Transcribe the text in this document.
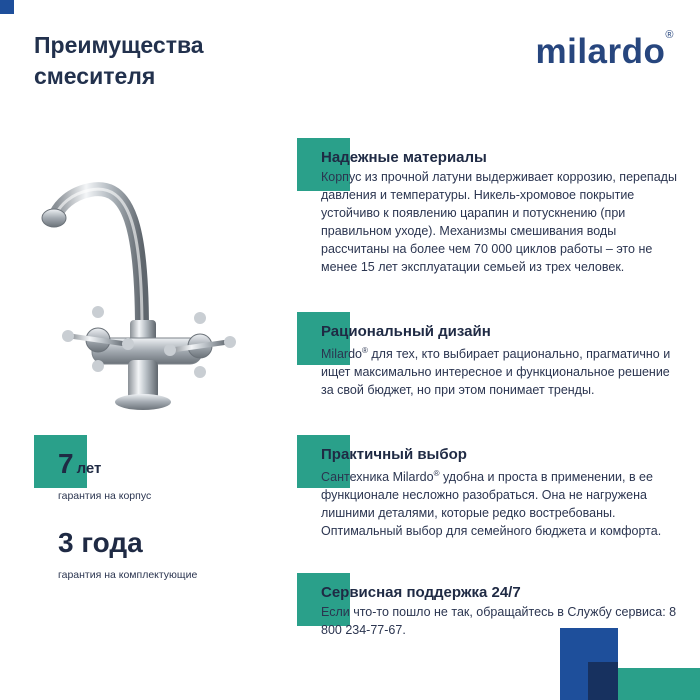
Преимущества смесителя
milardo®
Надежные материалы
Корпус из прочной латуни выдерживает коррозию, перепады давления и температуры. Никель-хромовое покрытие устойчиво к появлению царапин и потускнению (при правильном уходе). Механизмы смешивания воды рассчитаны на более чем 70 000 циклов работы – это не менее 15 лет эксплуатации семьей из трех человек.
Рациональный дизайн
Milardo® для тех, кто выбирает рационально, прагматично и ищет максимально интересное и функциональное решение за свой бюджет, но при этом понимает тренды.
Практичный выбор
Сантехника Milardo® удобна и проста в применении, в ее функционале несложно разобраться. Она не нагружена лишними деталями, которые редко востребованы. Оптимальный выбор для семейного бюджета и комфорта.
Сервисная поддержка 24/7
Если что-то пошло не так, обращайтесь в Службу сервиса: 8 800 234-77-67.
7 лет
гарантия на корпус
3 года
гарантия на комплектующие
